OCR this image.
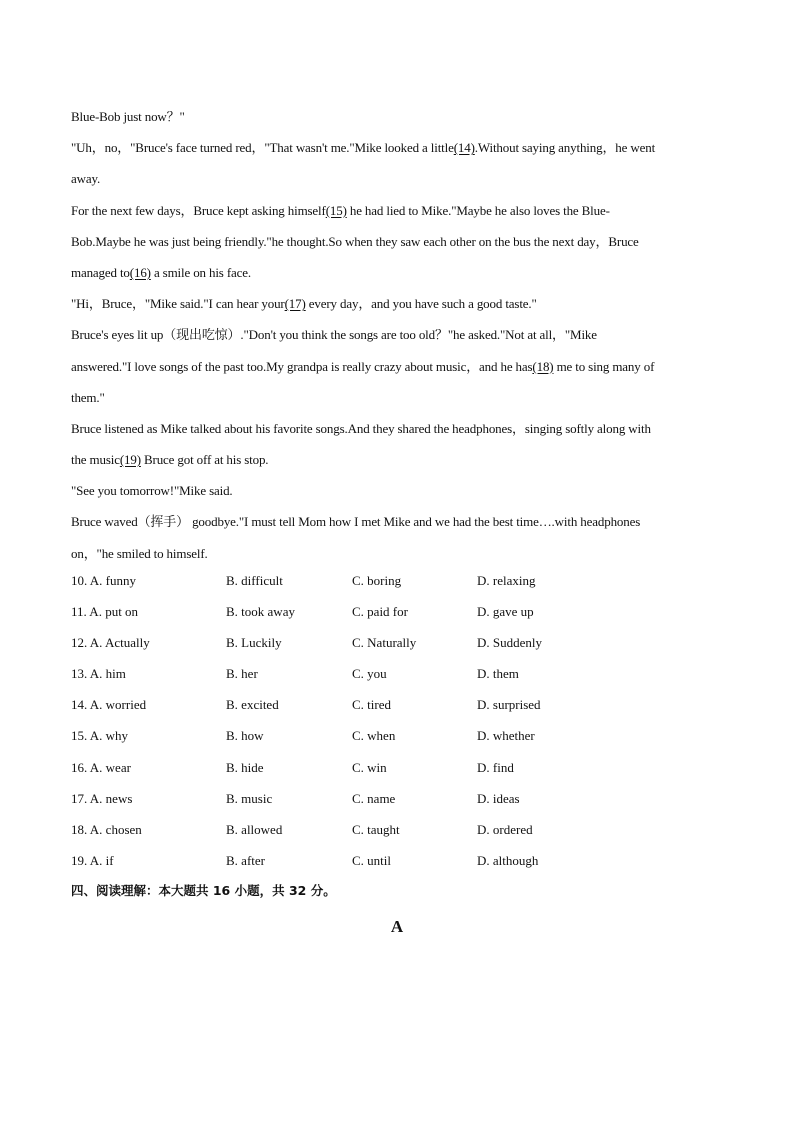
Blue-Bob just now？"
"Uh，no，"Bruce's face turned red，"That wasn't me."Mike looked a little(14).Without saying anything，he went
away.
For the next few days，Bruce kept asking himself(15) he had lied to Mike."Maybe he also loves the Blue-
Bob.Maybe he was just being friendly."he thought.So when they saw each other on the bus the next day，Bruce
managed to(16) a smile on his face.
"Hi，Bruce，"Mike said."I can hear your(17) every day，and you have such a good taste."
Bruce's eyes lit up（现出吃惊）."Don't you think the songs are too old？"he asked."Not at all，"Mike
answered."I love songs of the past too.My grandpa is really crazy about music，and he has(18) me to sing many of
them."
Bruce listened as Mike talked about his favorite songs.And they shared the headphones，singing softly along with
the music(19) Bruce got off at his stop.
"See you tomorrow!"Mike said.
Bruce waved（挥手） goodbye."I must tell Mom how I met Mike and we had the best time….with headphones
on，"he smiled to himself.
10. A. funny	B. difficult	C. boring	D. relaxing
11. A. put on	B. took away	C. paid for	D. gave up
12. A. Actually	B. Luckily	C. Naturally	D. Suddenly
13. A. him	B. her	C. you	D. them
14. A. worried	B. excited	C. tired	D. surprised
15. A. why	B. how	C. when	D. whether
16. A. wear	B. hide	C. win	D. find
17. A. news	B. music	C. name	D. ideas
18. A. chosen	B. allowed	C. taught	D. ordered
19. A. if	B. after	C. until	D. although
四、阅读理解：本大题共 16 小题，共 32 分。
A
